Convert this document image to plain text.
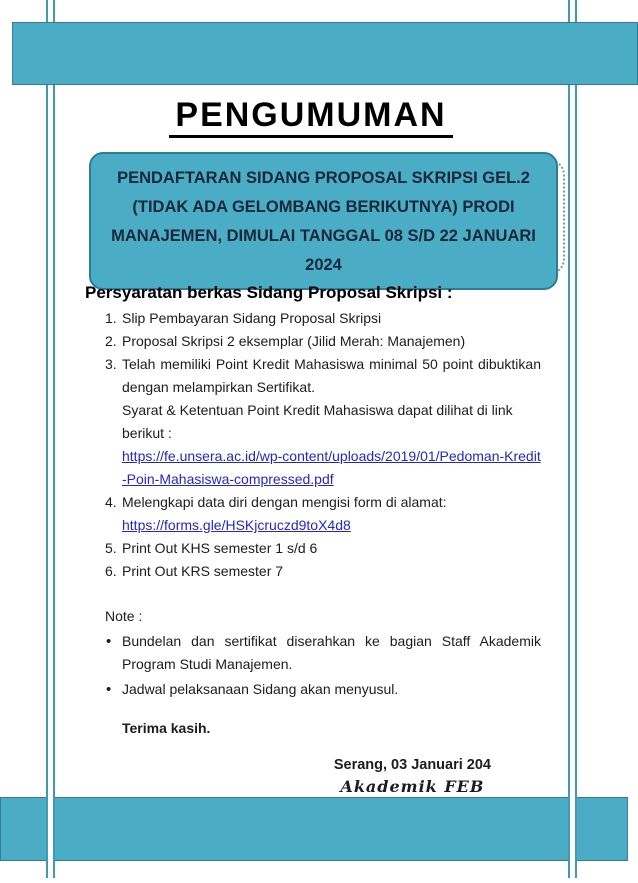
PENGUMUMAN
PENDAFTARAN SIDANG PROPOSAL SKRIPSI GEL.2
(TIDAK ADA GELOMBANG BERIKUTNYA) PRODI
MANAJEMEN, DIMULAI TANGGAL 08 S/D 22 JANUARI
2024

Persyaratan berkas Sidang Proposal Skripsi :

1. Slip Pembayaran Sidang Proposal Skripsi
2. Proposal Skripsi 2 eksemplar (Jilid Merah: Manajemen)
3. Telah memiliki Point Kredit Mahasiswa minimal 50 point dibuktikan dengan melampirkan Sertifikat.
Syarat & Ketentuan Point Kredit Mahasiswa dapat dilihat di link berikut :
https://fe.unsera.ac.id/wp-content/uploads/2019/01/Pedoman-Kredit-Poin-Mahasiswa-compressed.pdf
4. Melengkapi data diri dengan mengisi form di alamat:
https://forms.gle/HSKjcruczd9toX4d8
5. Print Out KHS semester 1 s/d 6
6. Print Out KRS semester 7
Note :
• Bundelan dan sertifikat diserahkan ke bagian Staff Akademik Program Studi Manajemen.
• Jadwal pelaksanaan Sidang akan menyusul.
Terima kasih.
Serang, 03 Januari 204
Akademik FEB
